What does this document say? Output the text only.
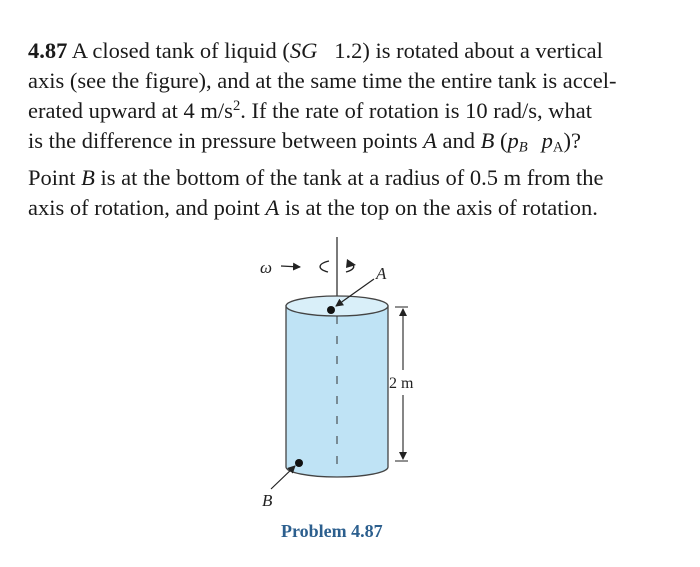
4.87 A closed tank of liquid (SG   1.2) is rotated about a vertical
axis (see the figure), and at the same time the entire tank is accel-
erated upward at 4 $m/s^2$. If the rate of rotation is 10 rad/s, what
is the difference in pressure between points A and B ($p_B$ $p_A$)?
Point B is at the bottom of the tank at a radius of 0.5 m from the
axis of rotation, and point A is at the top on the axis of rotation.
ω	A
B
2 m
Problem 4.87
